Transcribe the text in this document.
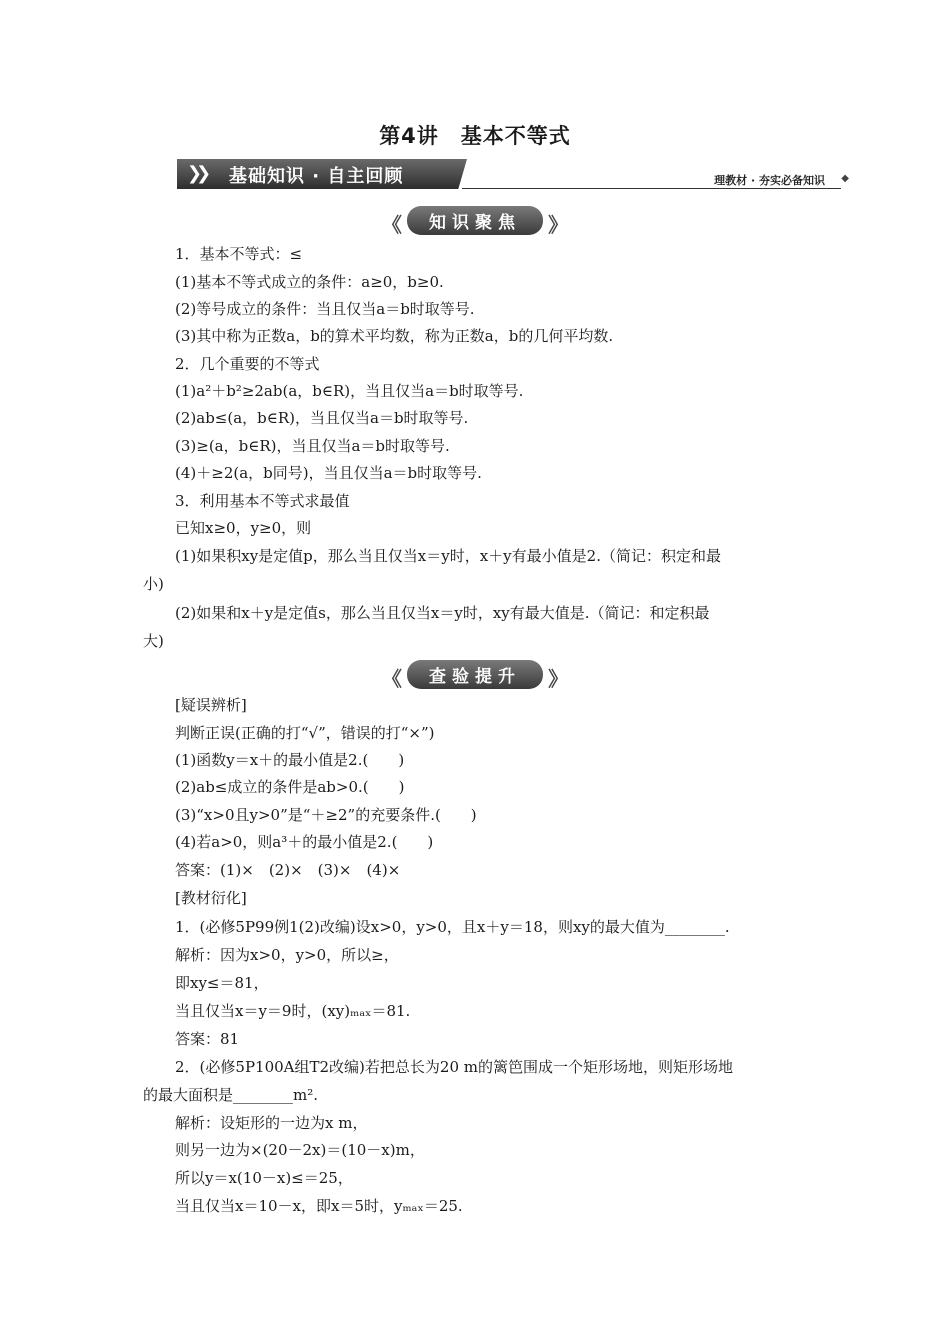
第4讲　基本不等式
❯❯ 基础知识 · 自主回顾	理教材 · 夯实必备知识 ◆
《 知识聚焦 》
《 查验提升 》
1．基本不等式：≤
(1)基本不等式成立的条件：a≥0，b≥0.
(2)等号成立的条件：当且仅当a＝b时取等号.
(3)其中称为正数a，b的算术平均数，称为正数a，b的几何平均数.
2．几个重要的不等式
(1)a²＋b²≥2ab(a，b∈R)，当且仅当a＝b时取等号.
(2)ab≤(a，b∈R)，当且仅当a＝b时取等号.
(3)≥(a，b∈R)，当且仅当a＝b时取等号.
(4)＋≥2(a，b同号)，当且仅当a＝b时取等号.
3．利用基本不等式求最值
已知x≥0，y≥0，则
(1)如果积xy是定值p，那么当且仅当x＝y时，x＋y有最小值是2.（简记：积定和最
小)
(2)如果和x＋y是定值s，那么当且仅当x＝y时，xy有最大值是.（简记：和定积最
大)
[疑误辨析]
判断正误(正确的打“√”，错误的打“×”)
(1)函数y＝x＋的最小值是2.(　　)
(2)ab≤成立的条件是ab>0.(　　)
(3)“x>0且y>0”是“＋≥2”的充要条件.(　　)
(4)若a>0，则a³＋的最小值是2.(　　)
答案：(1)×　(2)×　(3)×　(4)×
[教材衍化]
1．(必修5P99例1(2)改编)设x>0，y>0，且x＋y＝18，则xy的最大值为________.
解析：因为x>0，y>0，所以≥，
即xy≤＝81，
当且仅当x＝y＝9时，(xy)ₘₐₓ＝81.
答案：81
2．(必修5P100A组T2改编)若把总长为20 m的篱笆围成一个矩形场地，则矩形场地
的最大面积是________m².
解析：设矩形的一边为x m，
则另一边为×(20－2x)＝(10－x)m，
所以y＝x(10－x)≤＝25，
当且仅当x＝10－x，即x＝5时，yₘₐₓ＝25.
